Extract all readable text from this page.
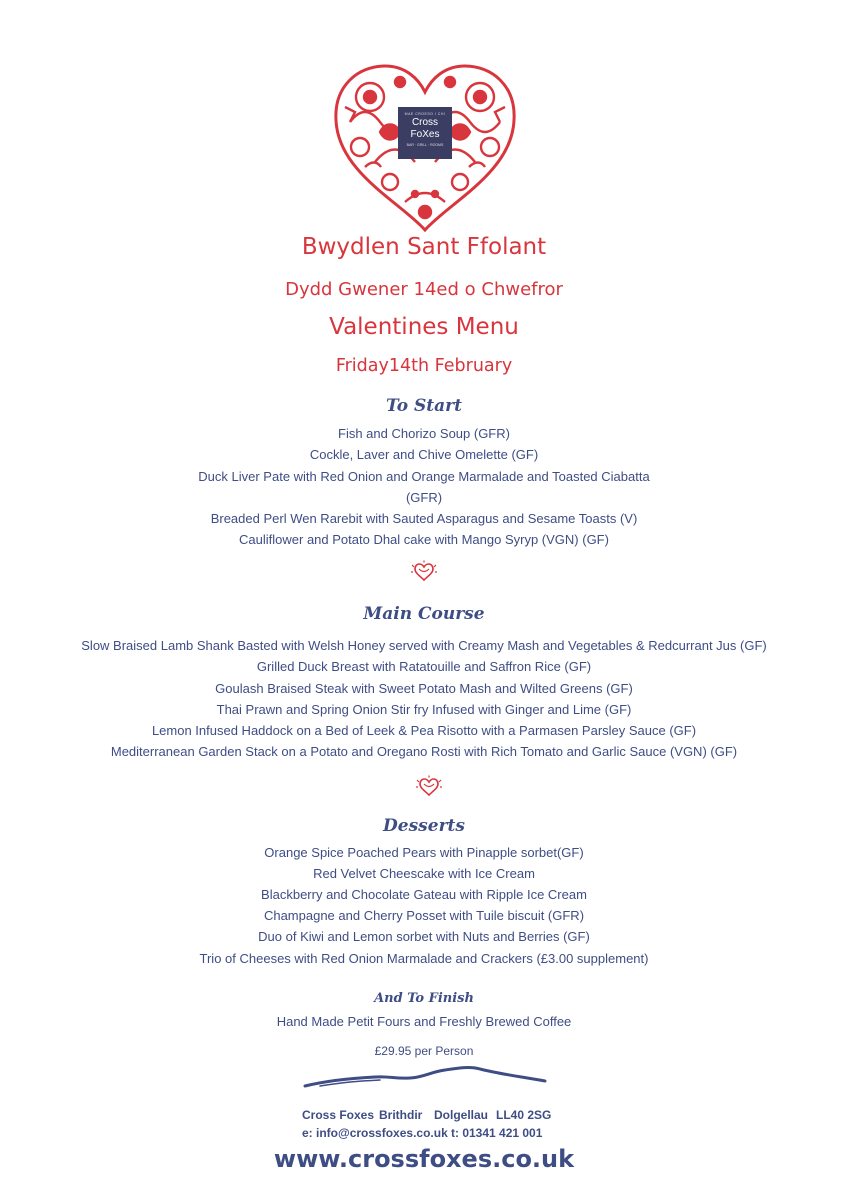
MAE CROESO I CHI
Cross
FoXes
BAR · GRILL · ROOMS
Bwydlen Sant Ffolant
Dydd Gwener 14ed o Chwefror
Valentines Menu
Friday14th February
To Start
Fish and Chorizo Soup (GFR)
Cockle, Laver and Chive Omelette (GF)
Duck Liver Pate with Red Onion and Orange Marmalade and Toasted Ciabatta
(GFR)
Breaded Perl Wen Rarebit with Sauted Asparagus and Sesame Toasts (V)
Cauliflower and Potato Dhal cake with Mango Syryp (VGN) (GF)
Main Course
Slow Braised Lamb Shank Basted with Welsh Honey served with Creamy Mash and Vegetables & Redcurrant Jus (GF)
Grilled Duck Breast with Ratatouille and Saffron Rice (GF)
Goulash Braised Steak with Sweet Potato Mash and Wilted Greens (GF)
Thai Prawn and Spring Onion Stir fry Infused with Ginger and Lime (GF)
Lemon Infused Haddock on a Bed of Leek & Pea Risotto with a Parmasen Parsley Sauce (GF)
Mediterranean Garden Stack on a Potato and Oregano Rosti with Rich Tomato and Garlic Sauce (VGN) (GF)
Desserts
Orange Spice Poached Pears with Pinapple sorbet(GF)
Red Velvet Cheescake with Ice Cream
Blackberry and Chocolate Gateau with Ripple Ice Cream
Champagne and Cherry Posset with Tuile biscuit (GFR)
Duo of Kiwi and Lemon sorbet with Nuts and Berries (GF)
Trio of Cheeses with Red Onion Marmalade and Crackers (£3.00 supplement)
And To Finish
Hand Made Petit Fours and Freshly Brewed Coffee
£29.95 per Person
Cross Foxes Brithdir Dolgellau LL40 2SG
e: info@crossfoxes.co.uk t: 01341 421 001
www.crossfoxes.co.uk
